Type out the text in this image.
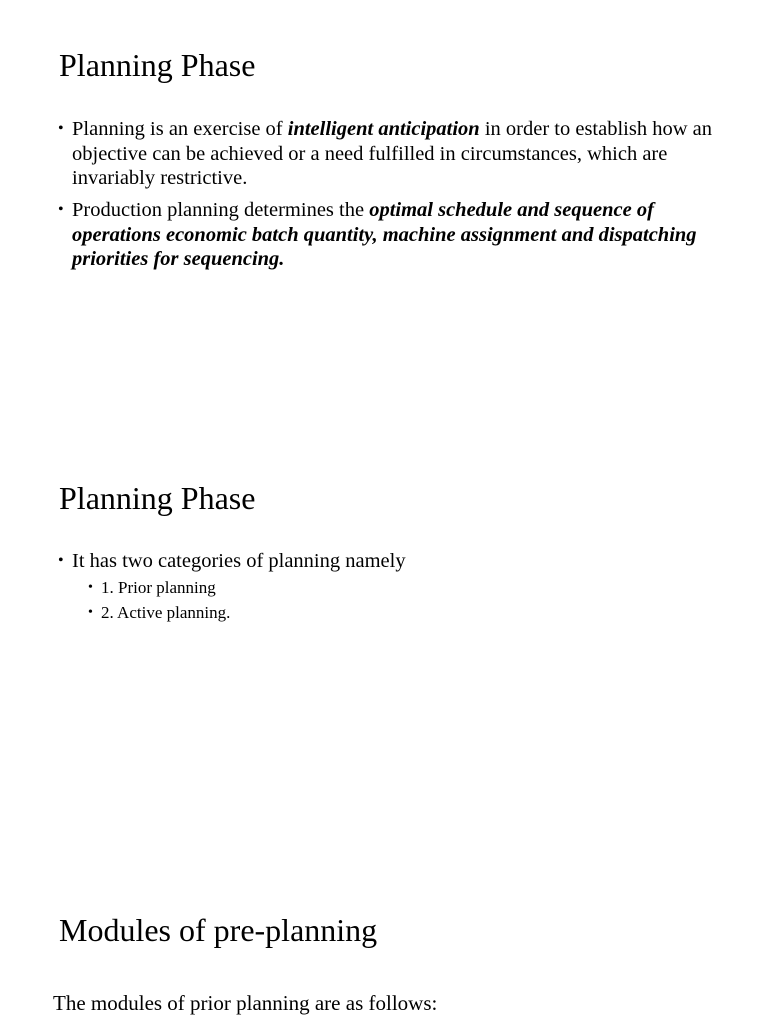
Planning Phase
• Planning is an exercise of intelligent anticipation in order to establish how an objective can be achieved or a need fulfilled in circumstances, which are invariably restrictive.
• Production planning determines the optimal schedule and sequence of operations economic batch quantity, machine assignment and dispatching priorities for sequencing.
Planning Phase
• It has two categories of planning namely
• 1. Prior planning
• 2. Active planning.
Modules of pre-planning
The modules of prior planning are as follows:
